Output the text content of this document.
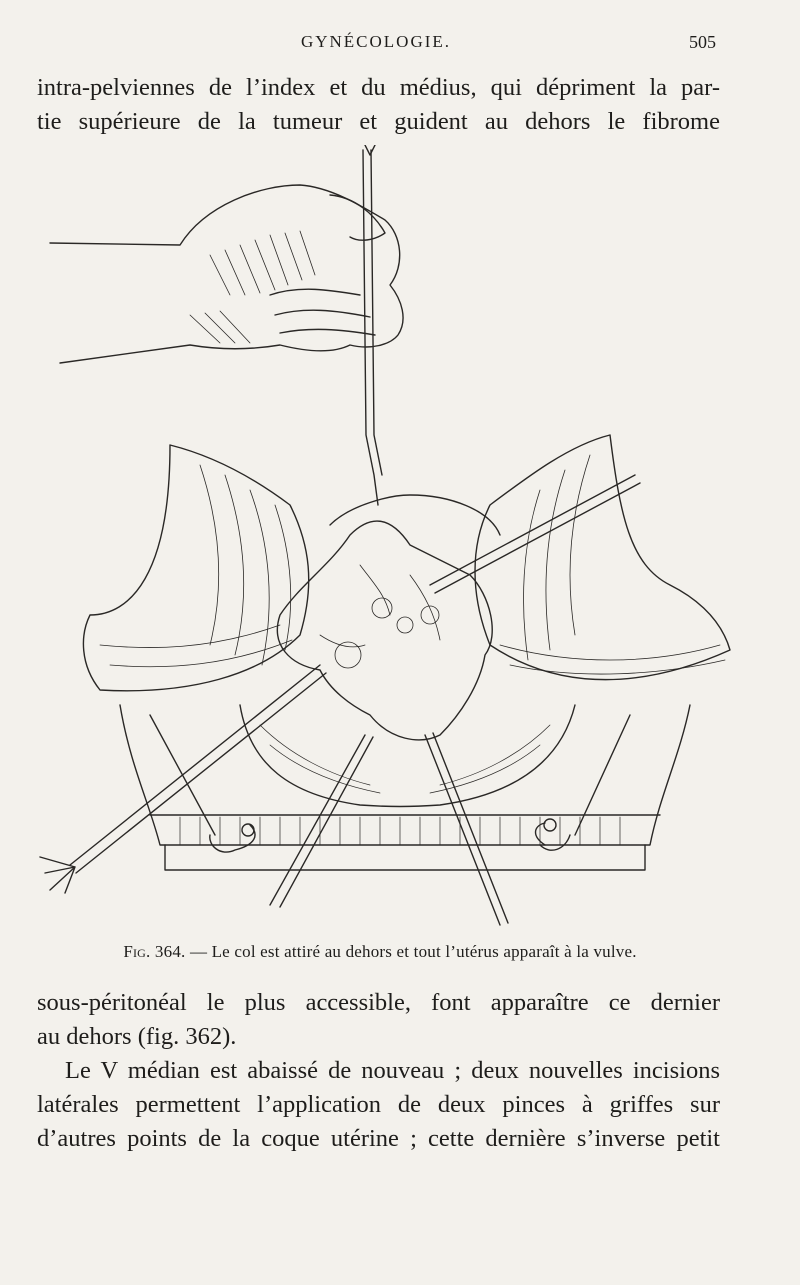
GYNÉCOLOGIE.	505
intra-pelviennes de l’index et du médius, qui dépriment la par-
tie supérieure de la tumeur et guident au dehors le fibrome
Fig. 364. — Le col est attiré au dehors et tout l’utérus apparaît à la vulve.
sous-péritonéal le plus accessible, font apparaître ce dernier
au dehors (fig. 362).
Le V médian est abaissé de nouveau ; deux nouvelles incisions
latérales permettent l’application de deux pinces à griffes sur
d’autres points de la coque utérine ; cette dernière s’inverse petit
